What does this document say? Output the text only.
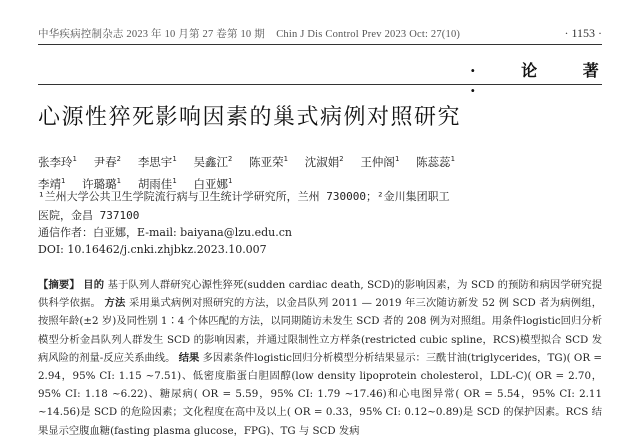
中华疾病控制杂志 2023 年 10 月第 27 卷第 10 期 Chin J Dis Control Prev 2023 Oct: 27(10)	· 1153 ·
· 论 著 ·
心源性猝死影响因素的巢式病例对照研究
张李玲$^1$ 尹春$^2$ 李思宇$^1$ 吴鑫江$^2$ 陈亚荣$^1$ 沈淑娟$^2$ 王仲阁$^1$ 陈蕊蕊$^1$
李靖$^1$ 许璐璐$^1$ 胡雨佳$^1$ 白亚娜$^1$
¹兰州大学公共卫生学院流行病与卫生统计学研究所，兰州 730000；²金川集团职工
医院，金昌 737100
通信作者：白亚娜，E-mail: baiyana@lzu.edu.cn
DOI: 10.16462/j.cnki.zhjbkz.2023.10.007
【摘要】 目的 基于队列人群研究心源性猝死(sudden cardiac death, SCD)的影响因素，为 SCD 的预防和病因学研究提供科学依据。 方法 采用巢式病例对照研究的方法，以金昌队列 2011 — 2019 年三次随访新发 52 例 SCD 者为病例组，按照年龄(±2 岁)及同性别 1∶4 个体匹配的方法，以同期随访未发生 SCD 者的 208 例为对照组。用条件logistic回归分析模型分析金昌队列人群发生 SCD 的影响因素，并通过限制性立方样条(restricted cubic spline，RCS)模型拟合 SCD 发病风险的剂量-反应关系曲线。 结果 多因素条件logistic回归分析模型分析结果显示：三酰甘油(triglycerides，TG)( OR = 2.94，95% CI: 1.15 ~7.51)、低密度脂蛋白胆固醇(low density lipoprotein cholesterol，LDL-C)( OR = 2.70，95% CI: 1.18 ~6.22)、糖尿病( OR = 5.59，95% CI: 1.79 ~17.46)和心电图异常( OR = 5.54，95% CI: 2.11 ~14.56)是 SCD 的危险因素；文化程度在高中及以上( OR = 0.33，95% CI: 0.12~0.89)是 SCD 的保护因素。RCS 结果显示空腹血糖(fasting plasma glucose，FPG)、TG 与 SCD 发病
